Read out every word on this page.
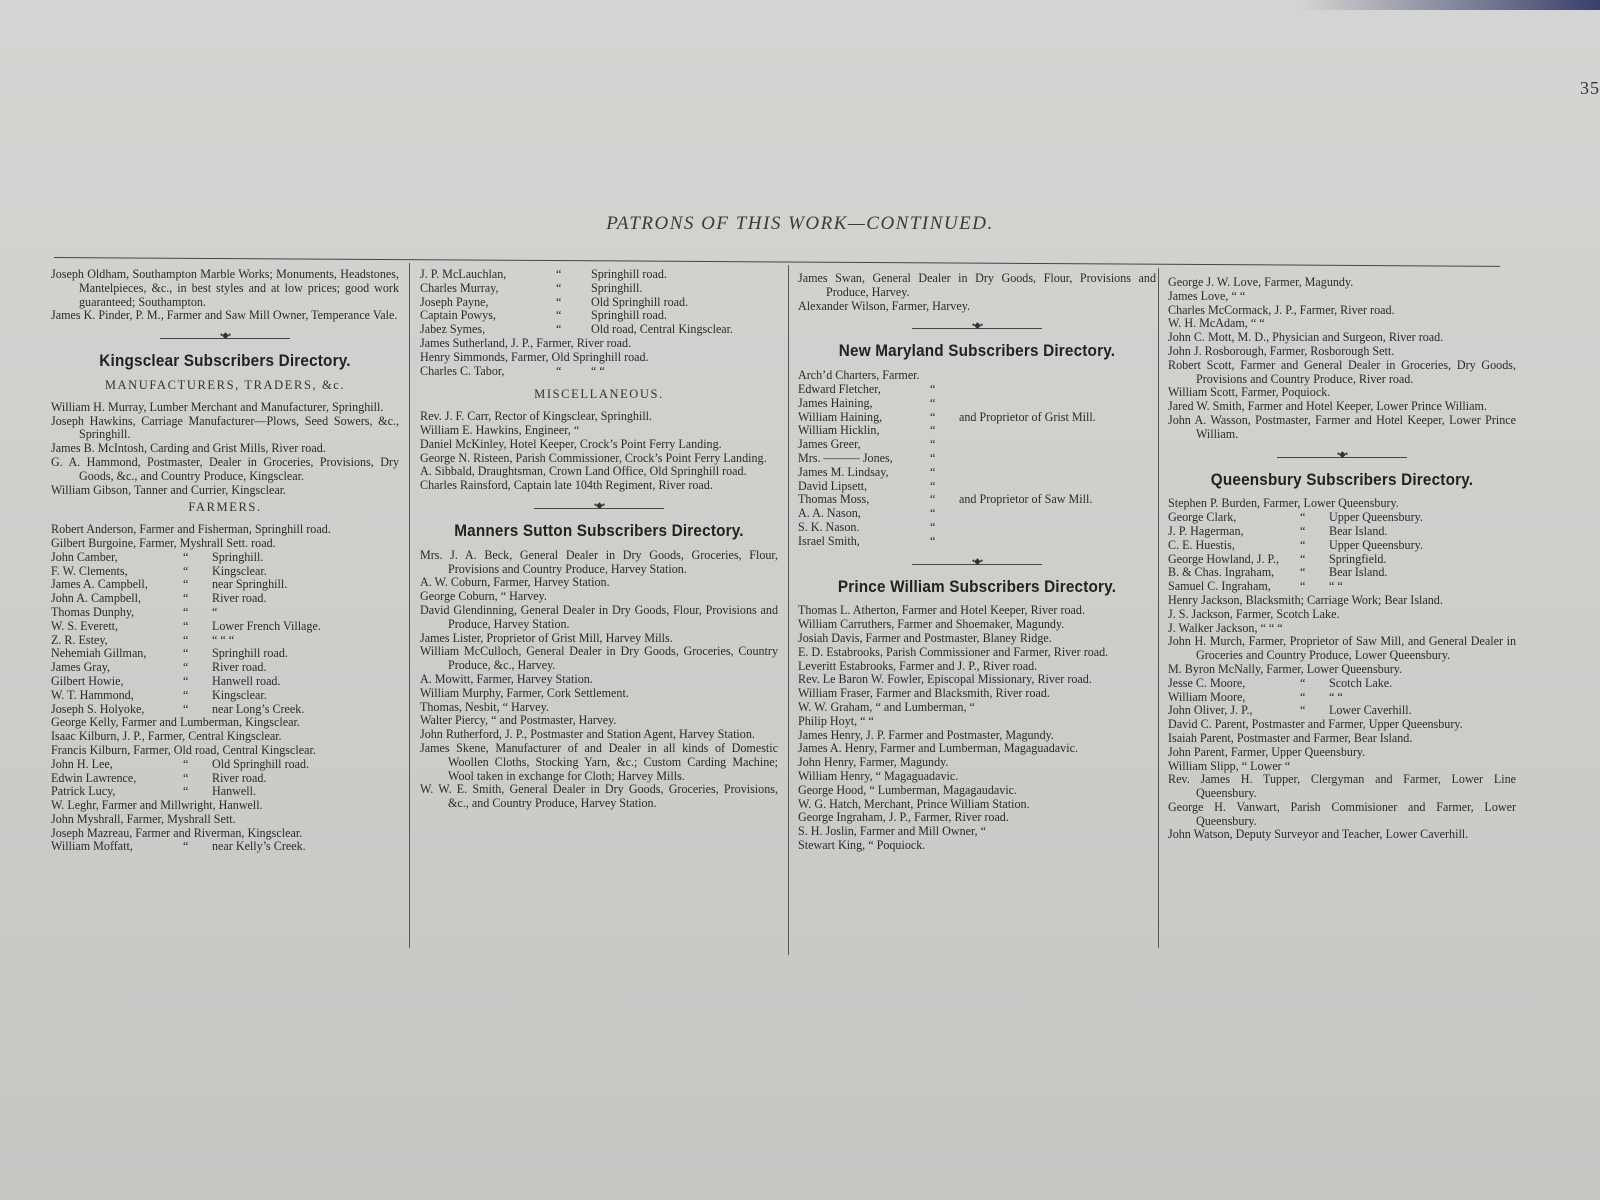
35
PATRONS OF THIS WORK—CONTINUED.
Joseph Oldham, Southampton Marble Works; Monuments, Headstones, Mantelpieces, &c., in best styles and at low prices; good work guaranteed; Southampton.
James K. Pinder, P. M., Farmer and Saw Mill Owner, Temperance Vale.
•◆•
Kingsclear Subscribers Directory.
MANUFACTURERS, TRADERS, &c.
William H. Murray, Lumber Merchant and Manufacturer, Springhill.
Joseph Hawkins, Carriage Manufacturer—Plows, Seed Sowers, &c., Springhill.
James B. McIntosh, Carding and Grist Mills, River road.
G. A. Hammond, Postmaster, Dealer in Groceries, Provisions, Dry Goods, &c., and Country Produce, Kingsclear.
William Gibson, Tanner and Currier, Kingsclear.
FARMERS.
Robert Anderson, Farmer and Fisherman, Springhill road.
Gilbert Burgoine, Farmer, Myshrall Sett. road.
John Camber,	“	Springhill.
F. W. Clements,	“	Kingsclear.
James A. Campbell,	“	near Springhill.
John A. Campbell,	“	River road.
Thomas Dunphy,	“	“
W. S. Everett,	“	Lower French Village.
Z. R. Estey,	“	“ “ “
Nehemiah Gillman,	“	Springhill road.
James Gray,	“	River road.
Gilbert Howie,	“	Hanwell road.
W. T. Hammond,	“	Kingsclear.
Joseph S. Holyoke,	“	near Long’s Creek.
George Kelly, Farmer and Lumberman, Kingsclear.
Isaac Kilburn, J. P., Farmer, Central Kingsclear.
Francis Kilburn, Farmer, Old road, Central Kingsclear.
John H. Lee,	“	Old Springhill road.
Edwin Lawrence,	“	River road.
Patrick Lucy,	“	Hanwell.
W. Leghr, Farmer and Millwright, Hanwell.
John Myshrall, Farmer, Myshrall Sett.
Joseph Mazreau, Farmer and Riverman, Kingsclear.
William Moffatt,	“	near Kelly’s Creek.
J. P. McLauchlan,	“	Springhill road.
Charles Murray,	“	Springhill.
Joseph Payne,	“	Old Springhill road.
Captain Powys,	“	Springhill road.
Jabez Symes,	“	Old road, Central Kingsclear.
James Sutherland, J. P., Farmer, River road.
Henry Simmonds, Farmer, Old Springhill road.
Charles C. Tabor,	“	“ “
MISCELLANEOUS.
Rev. J. F. Carr, Rector of Kingsclear, Springhill.
William E. Hawkins, Engineer, “
Daniel McKinley, Hotel Keeper, Crock’s Point Ferry Landing.
George N. Risteen, Parish Commissioner, Crock’s Point Ferry Landing.
A. Sibbald, Draughtsman, Crown Land Office, Old Springhill road.
Charles Rainsford, Captain late 104th Regiment, River road.
•◆•
Manners Sutton Subscribers Directory.
Mrs. J. A. Beck, General Dealer in Dry Goods, Groceries, Flour, Provisions and Country Produce, Harvey Station.
A. W. Coburn, Farmer, Harvey Station.
George Coburn, “ Harvey.
David Glendinning, General Dealer in Dry Goods, Flour, Provisions and Produce, Harvey Station.
James Lister, Proprietor of Grist Mill, Harvey Mills.
William McCulloch, General Dealer in Dry Goods, Groceries, Country Produce, &c., Harvey.
A. Mowitt, Farmer, Harvey Station.
William Murphy, Farmer, Cork Settlement.
Thomas, Nesbit, “ Harvey.
Walter Piercy, “ and Postmaster, Harvey.
John Rutherford, J. P., Postmaster and Station Agent, Harvey Station.
James Skene, Manufacturer of and Dealer in all kinds of Domestic Woollen Cloths, Stocking Yarn, &c.; Custom Carding Machine; Wool taken in exchange for Cloth; Harvey Mills.
W. W. E. Smith, General Dealer in Dry Goods, Groceries, Provisions, &c., and Country Produce, Harvey Station.
James Swan, General Dealer in Dry Goods, Flour, Provisions and Produce, Harvey.
Alexander Wilson, Farmer, Harvey.
•◆•
New Maryland Subscribers Directory.
Arch’d Charters, Farmer.
Edward Fletcher,	“
James Haining,	“
William Haining,	“	and Proprietor of Grist Mill.
William Hicklin,	“
James Greer,	“
Mrs. ——— Jones,	“
James M. Lindsay,	“
David Lipsett,	“
Thomas Moss,	“	and Proprietor of Saw Mill.
A. A. Nason,	“
S. K. Nason.	“
Israel Smith,	“
•◆•
Prince William Subscribers Directory.
Thomas L. Atherton, Farmer and Hotel Keeper, River road.
William Carruthers, Farmer and Shoemaker, Magundy.
Josiah Davis, Farmer and Postmaster, Blaney Ridge.
E. D. Estabrooks, Parish Commissioner and Farmer, River road.
Leveritt Estabrooks, Farmer and J. P., River road.
Rev. Le Baron W. Fowler, Episcopal Missionary, River road.
William Fraser, Farmer and Blacksmith, River road.
W. W. Graham, “ and Lumberman, “
Philip Hoyt, “ “
James Henry, J. P. Farmer and Postmaster, Magundy.
James A. Henry, Farmer and Lumberman, Magaguadavic.
John Henry, Farmer, Magundy.
William Henry, “ Magaguadavic.
George Hood, “ Lumberman, Magagaudavic.
W. G. Hatch, Merchant, Prince William Station.
George Ingraham, J. P., Farmer, River road.
S. H. Joslin, Farmer and Mill Owner, “
Stewart King, “ Poquiock.
George J. W. Love, Farmer, Magundy.
James Love, “ “
Charles McCormack, J. P., Farmer, River road.
W. H. McAdam, “ “
John C. Mott, M. D., Physician and Surgeon, River road.
John J. Rosborough, Farmer, Rosborough Sett.
Robert Scott, Farmer and General Dealer in Groceries, Dry Goods, Provisions and Country Produce, River road.
William Scott, Farmer, Poquiock.
Jared W. Smith, Farmer and Hotel Keeper, Lower Prince William.
John A. Wasson, Postmaster, Farmer and Hotel Keeper, Lower Prince William.
•◆•
Queensbury Subscribers Directory.
Stephen P. Burden, Farmer, Lower Queensbury.
George Clark,	“	Upper Queensbury.
J. P. Hagerman,	“	Bear Island.
C. E. Huestis,	“	Upper Queensbury.
George Howland, J. P.,	“	Springfield.
B. & Chas. Ingraham,	“	Bear Island.
Samuel C. Ingraham,	“	“ “
Henry Jackson, Blacksmith; Carriage Work; Bear Island.
J. S. Jackson, Farmer, Scotch Lake.
J. Walker Jackson, “ “ “
John H. Murch, Farmer, Proprietor of Saw Mill, and General Dealer in Groceries and Country Produce, Lower Queensbury.
M. Byron McNally, Farmer, Lower Queensbury.
Jesse C. Moore,	“	Scotch Lake.
William Moore,	“	“ “
John Oliver, J. P.,	“	Lower Caverhill.
David C. Parent, Postmaster and Farmer, Upper Queensbury.
Isaiah Parent, Postmaster and Farmer, Bear Island.
John Parent, Farmer, Upper Queensbury.
William Slipp, “ Lower “
Rev. James H. Tupper, Clergyman and Farmer, Lower Line Queensbury.
George H. Vanwart, Parish Commisioner and Farmer, Lower Queensbury.
John Watson, Deputy Surveyor and Teacher, Lower Caverhill.
